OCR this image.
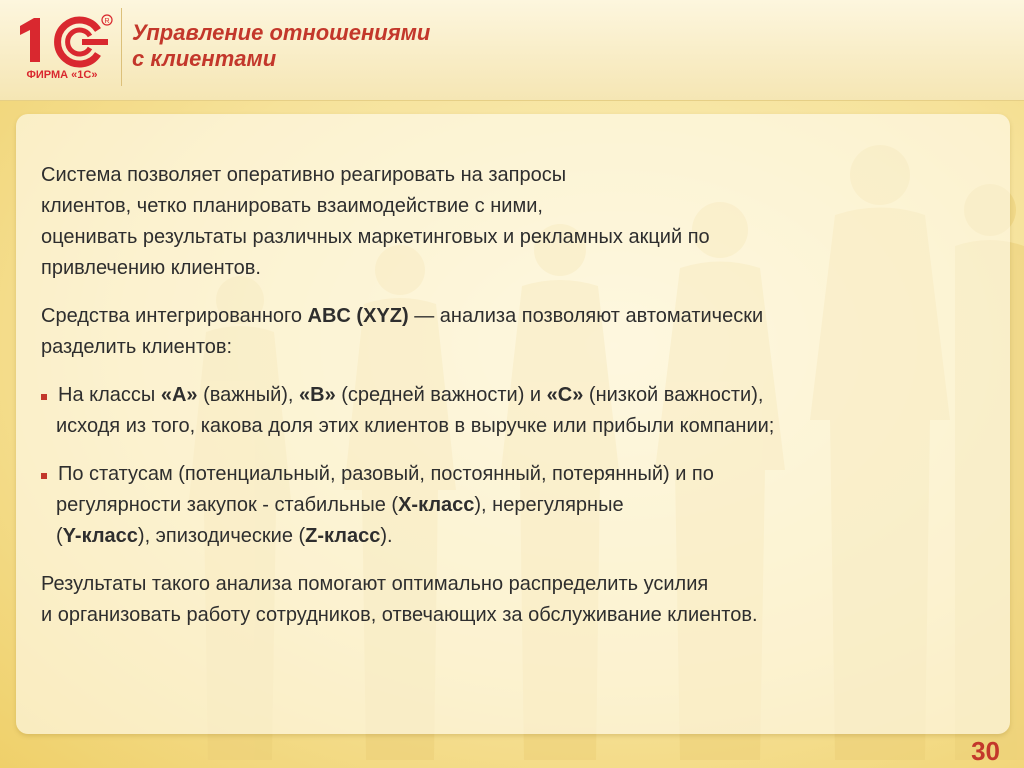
R
ФИРМА «1С»
Управление отношениями
с клиентами

Система позволяет оперативно реагировать на запросы
клиентов, четко планировать взаимодействие с ними,
оценивать результаты различных маркетинговых и рекламных акций по
привлечению клиентов.

Средства интегрированного ABC (XYZ) — анализа позволяют автоматически
разделить клиентов:

На классы «А» (важный), «В» (средней важности) и «С» (низкой важности),
исходя из того, какова доля этих клиентов в выручке или прибыли компании;
По статусам (потенциальный, разовый, постоянный, потерянный) и по
регулярности закупок - стабильные (Х-класс), нерегулярные
(Y-класс), эпизодические (Z-класс).

Результаты такого анализа помогают оптимально распределить усилия
и организовать работу сотрудников, отвечающих за обслуживание клиентов.

30
